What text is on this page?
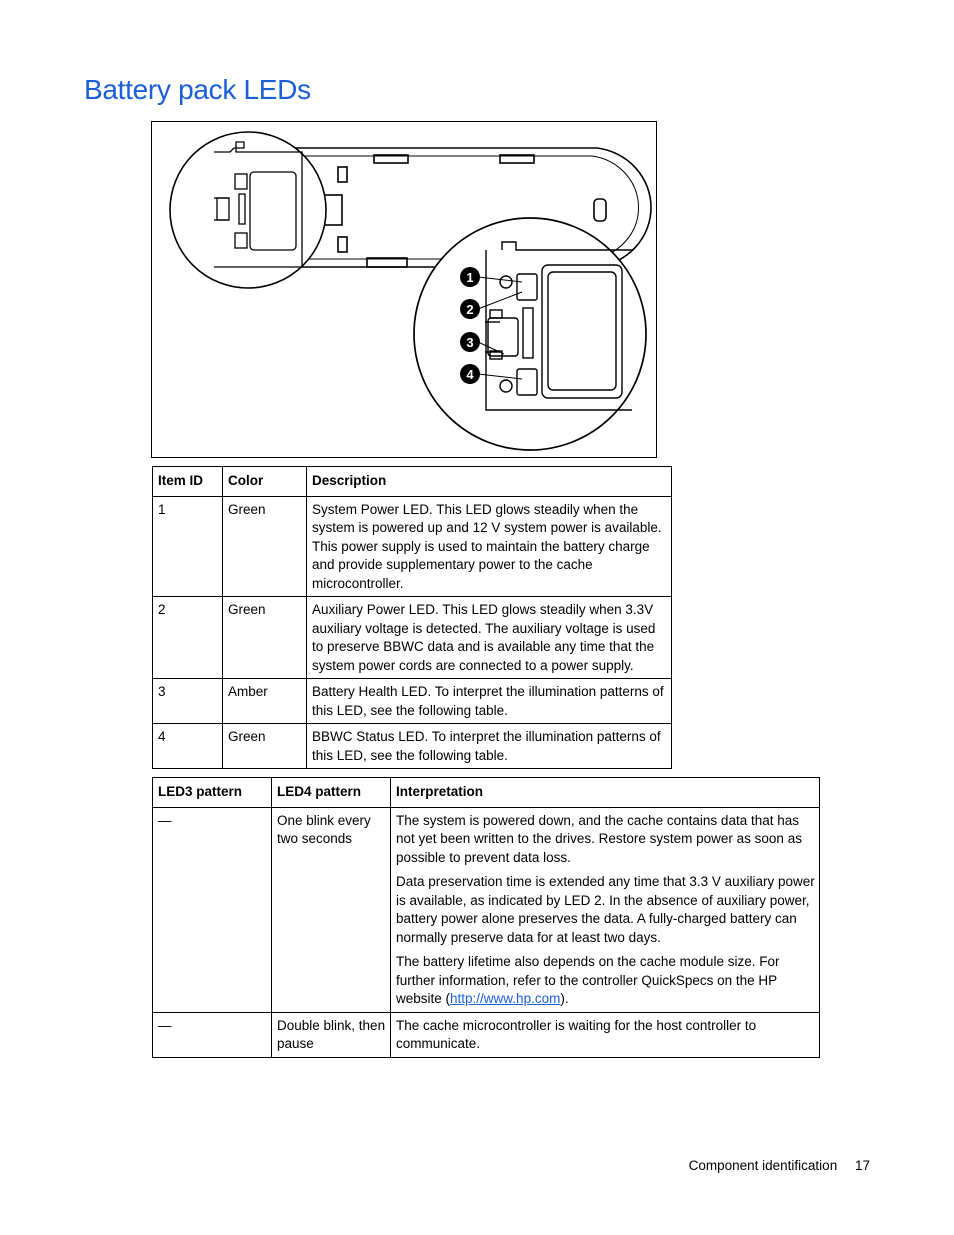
Battery pack LEDs
1
2
3
4
Item ID	Color	Description
1	Green	System Power LED. This LED glows steadily when the system is powered up and 12 V system power is available. This power supply is used to maintain the battery charge and provide supplementary power to the cache microcontroller.
2	Green	Auxiliary Power LED. This LED glows steadily when 3.3V auxiliary voltage is detected. The auxiliary voltage is used to preserve BBWC data and is available any time that the system power cords are connected to a power supply.
3	Amber	Battery Health LED. To interpret the illumination patterns of this LED, see the following table.
4	Green	BBWC Status LED. To interpret the illumination patterns of this LED, see the following table.
LED3 pattern	LED4 pattern	Interpretation
—	One blink every two seconds	The system is powered down, and the cache contains data that has not yet been written to the drives. Restore system power as soon as possible to prevent data loss.

Data preservation time is extended any time that 3.3 V auxiliary power is available, as indicated by LED 2. In the absence of auxiliary power, battery power alone preserves the data. A fully-charged battery can normally preserve data for at least two days.

The battery lifetime also depends on the cache module size. For further information, refer to the controller QuickSpecs on the HP website (http://www.hp.com).

—	Double blink, then pause	The cache microcontroller is waiting for the host controller to communicate.
Component identification 17
